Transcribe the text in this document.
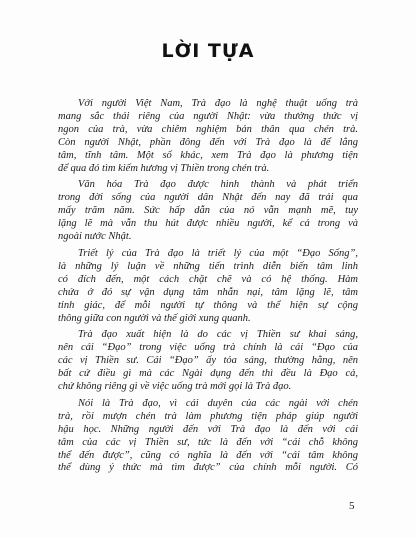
LỜI TỰA

Với người Việt Nam, Trà đạo là nghệ thuật uống trà
mang sắc thái riêng của người Nhật: vừa thưởng thức vị
ngon của trà, vừa chiêm nghiệm bản thân qua chén trà.
Còn người Nhật, phần đông đến với Trà đạo là để lắng
tâm, tĩnh tâm. Một số khác, xem Trà đạo là phương tiện
để qua đó tìm kiếm hương vị Thiền trong chén trà.

Văn hóa Trà đạo được hình thành và phát triển
trong đời sống của người dân Nhật đến nay đã trải qua
mấy trăm năm. Sức hấp dẫn của nó vẫn mạnh mẽ, tuy
lặng lẽ mà vẫn thu hút được nhiều người, kể cả trong và
ngoài nước Nhật.

Triết lý của Trà đạo là triết lý của một “Đạo Sống”,
là những lý luận về những tiến trình diễn biến tâm linh
có đích đến, một cách chặt chẽ và có hệ thống. Hàm
chứa ở đó sự vận dụng tâm nhẫn nại, tâm lặng lẽ, tâm
tỉnh giác, để mỗi người tự thông và thể hiện sự cộng
thông giữa con người và thế giới xung quanh.

Trà đạo xuất hiện là do các vị Thiền sư khai sáng,
nên cái “Đạo” trong việc uống trà chính là cái “Đạo của
các vị Thiền sư. Cái “Đạo” ấy tỏa sáng, thường hằng, nên
bất cứ điều gì mà các Ngài dụng đến thì đều là Đạo cả,
chứ không riêng gì về việc uống trà mới gọi là Trà đạo.

Nói là Trà đạo, vì cái duyên của các ngài với chén
trà, rồi mượn chén trà làm phương tiện pháp giúp người
hậu học. Những người đến với Trà đạo là đến với cái
tâm của các vị Thiền sư, tức là đến với “cái chỗ không
thể đến được”, cũng có nghĩa là đến với “cái tâm không
thể dùng ý thức mà tìm được” của chính mỗi người. Có

5
